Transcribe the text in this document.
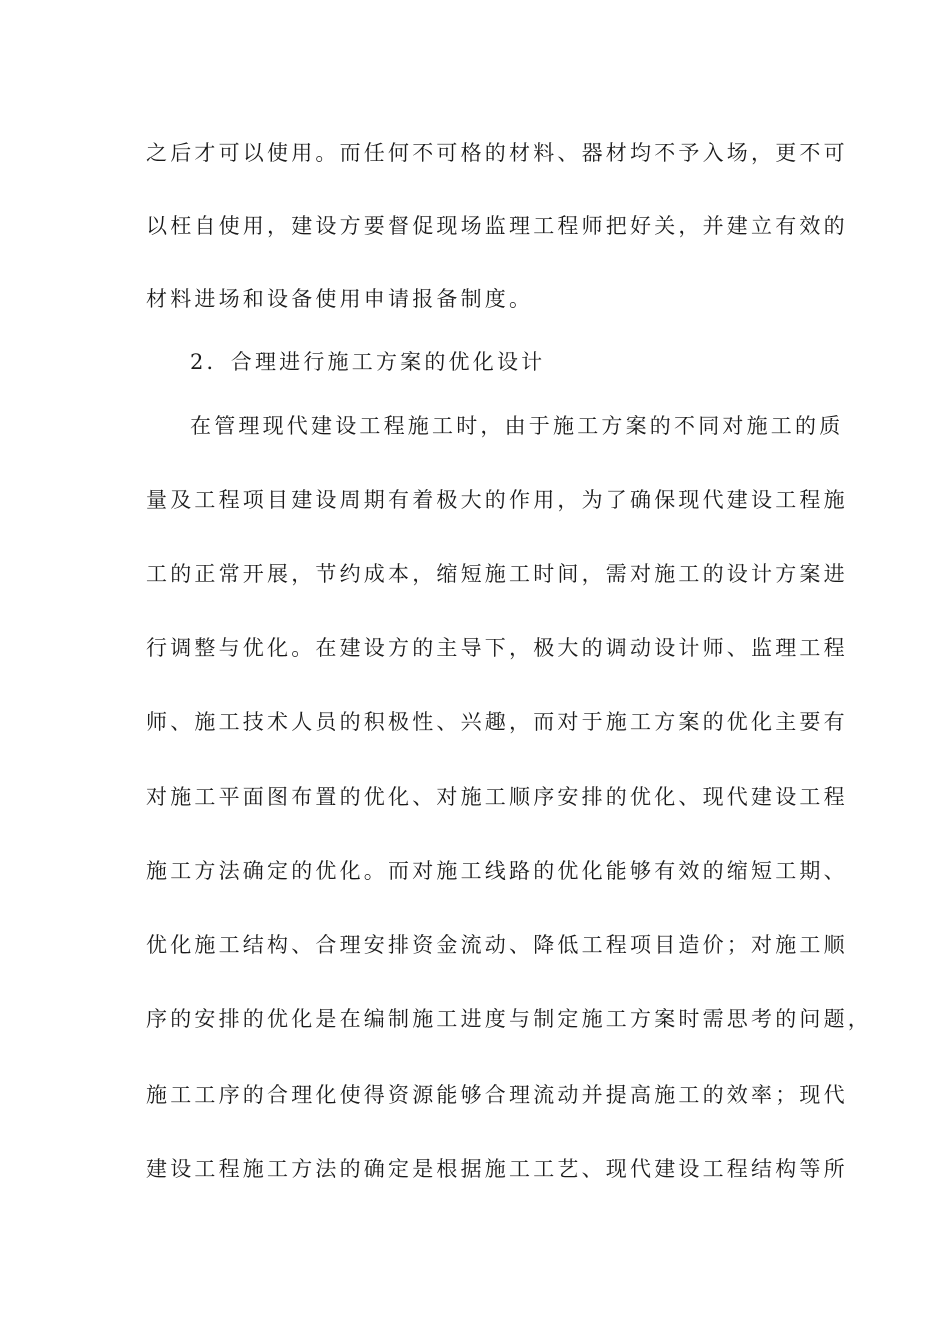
之后才可以使用。而任何不可格的材料、器材均不予入场，更不可
以枉自使用，建设方要督促现场监理工程师把好关，并建立有效的
材料进场和设备使用申请报备制度。
2．合理进行施工方案的优化设计
在管理现代建设工程施工时，由于施工方案的不同对施工的质
量及工程项目建设周期有着极大的作用，为了确保现代建设工程施
工的正常开展，节约成本，缩短施工时间，需对施工的设计方案进
行调整与优化。在建设方的主导下，极大的调动设计师、监理工程
师、施工技术人员的积极性、兴趣，而对于施工方案的优化主要有
对施工平面图布置的优化、对施工顺序安排的优化、现代建设工程
施工方法确定的优化。而对施工线路的优化能够有效的缩短工期、
优化施工结构、合理安排资金流动、降低工程项目造价；对施工顺
序的安排的优化是在编制施工进度与制定施工方案时需思考的问题，
施工工序的合理化使得资源能够合理流动并提高施工的效率；现代
建设工程施工方法的确定是根据施工工艺、现代建设工程结构等所
